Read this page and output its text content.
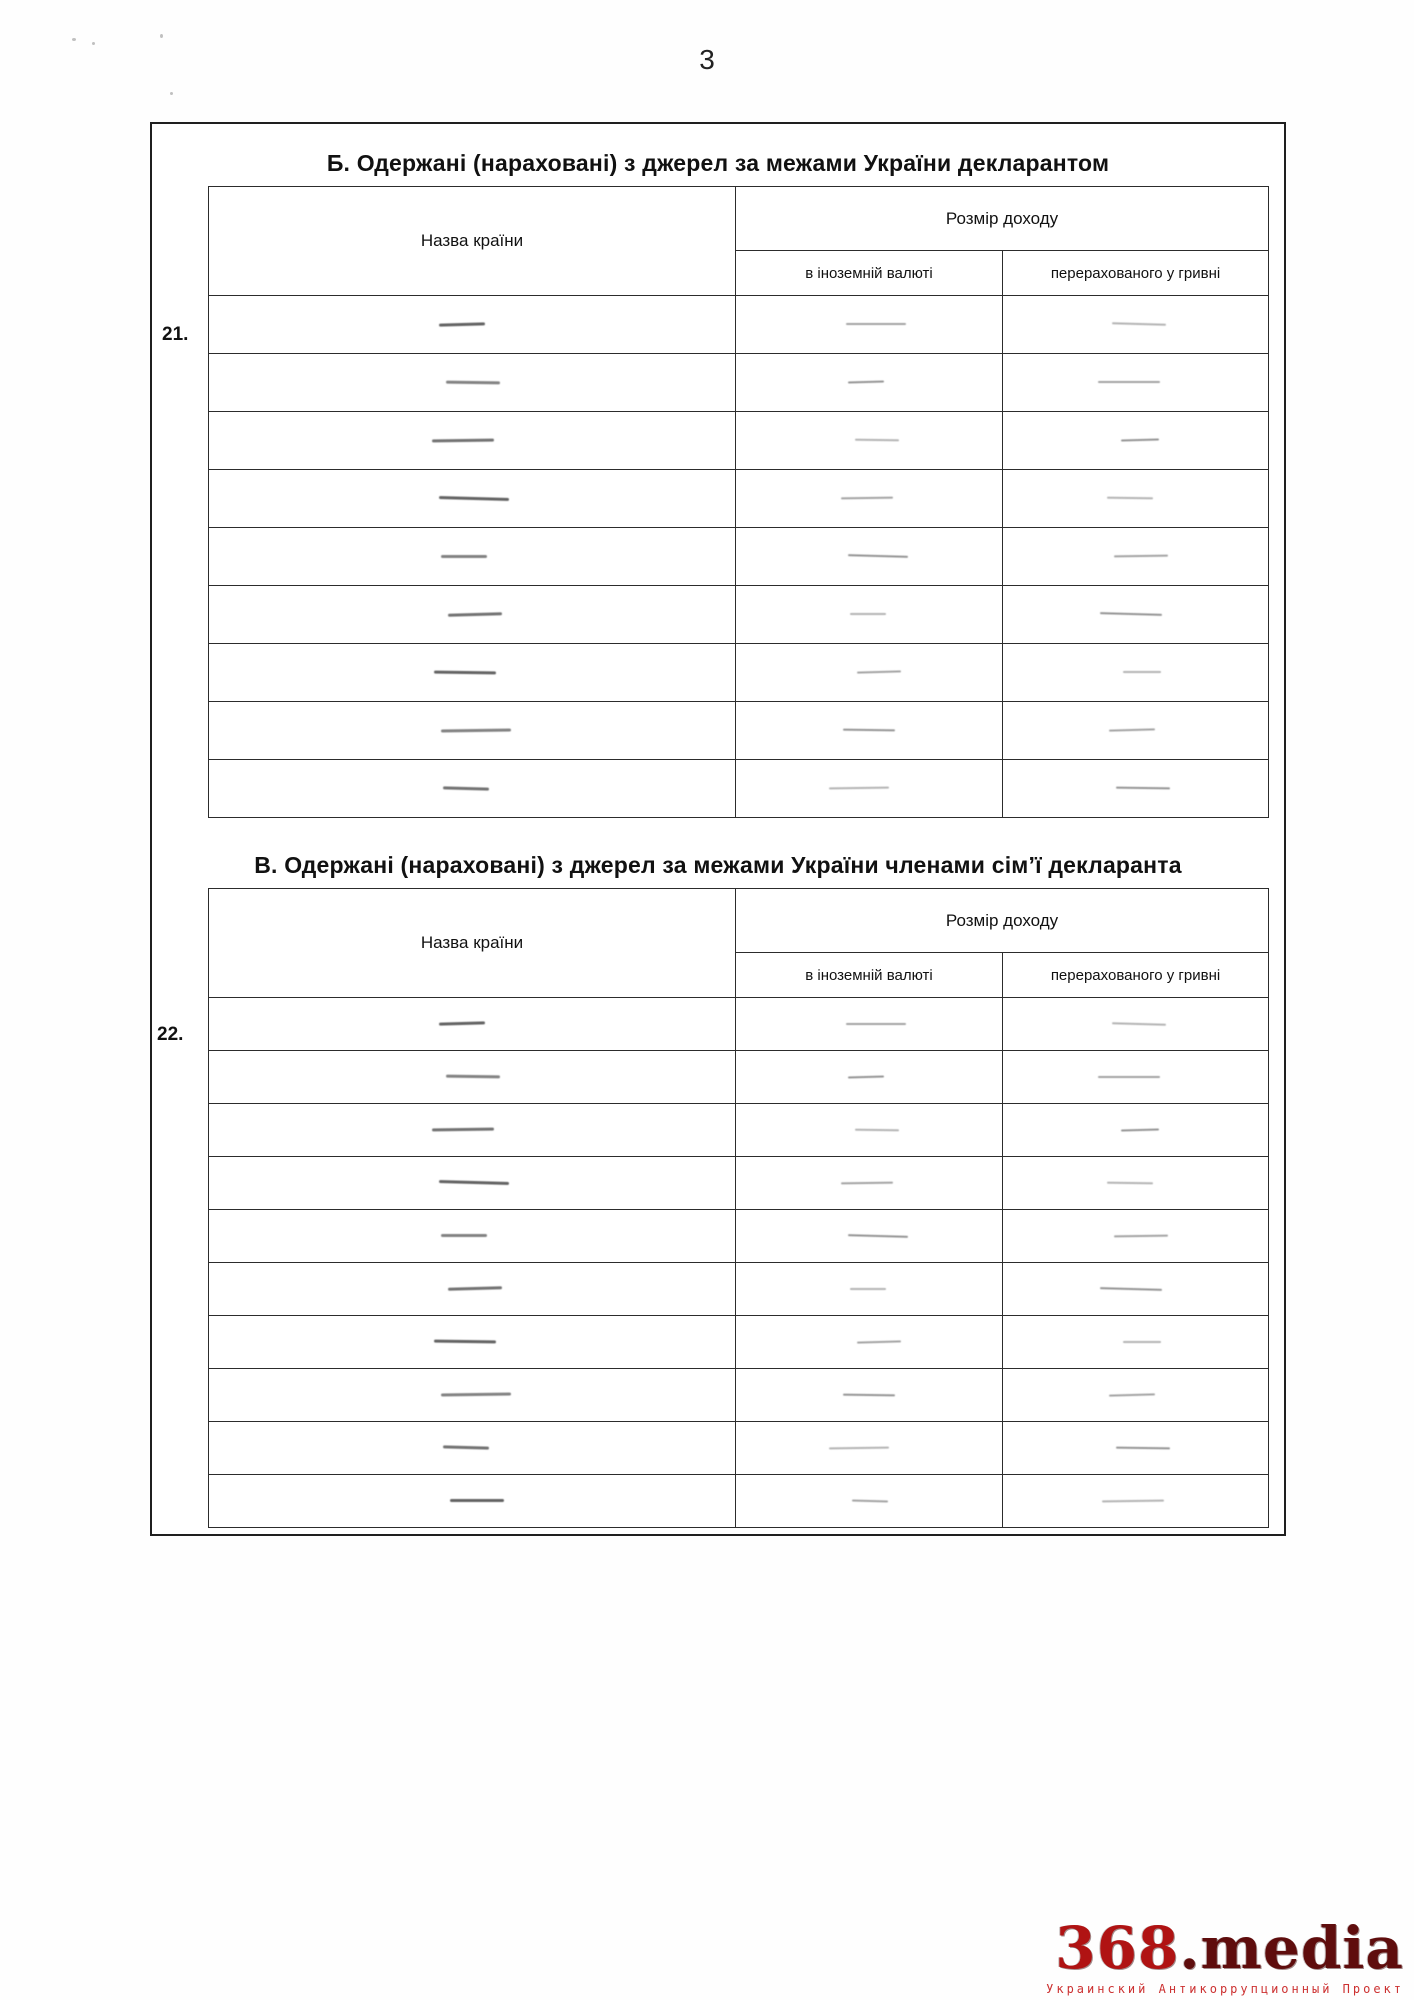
3
Б. Одержані (нараховані) з джерел за межами України декларантом
21.
Назва країни	Розмір доходу	
	в іноземній валюті	перерахованого у гривні

В. Одержані (нараховані) з джерел за межами України членами сім’ї декларанта
22.
Назва країни	Розмір доходу	
	в іноземній валюті	перерахованого у гривні

368.media
Украинский Антикоррупционный Проект
